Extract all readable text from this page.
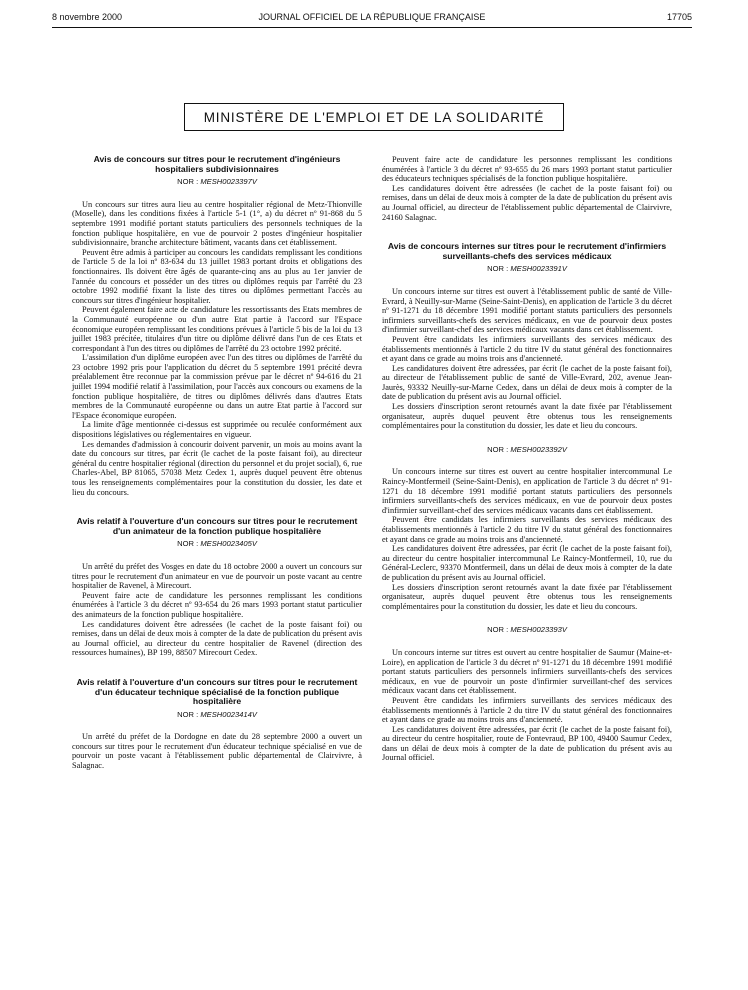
8 novembre 2000	JOURNAL OFFICIEL DE LA RÉPUBLIQUE FRANÇAISE	17705
MINISTÈRE DE L'EMPLOI ET DE LA SOLIDARITÉ
Avis de concours sur titres pour le recrutement d'ingénieurs hospitaliers subdivisionnaires
NOR : MESH0023397V

Un concours sur titres aura lieu au centre hospitalier régional de Metz-Thionville (Moselle), dans les conditions fixées à l'article 5-1 (1°, a) du décret nº 91-868 du 5 septembre 1991 modifié portant statuts particuliers des personnels techniques de la fonction publique hospitalière, en vue de pourvoir 2 postes d'ingénieur hospitalier subdivisionnaire, branche architecture bâtiment, vacants dans cet établissement.

Peuvent être admis à participer au concours les candidats remplissant les conditions de l'article 5 de la loi nº 83-634 du 13 juillet 1983 portant droits et obligations des fonctionnaires. Ils doivent être âgés de quarante-cinq ans au plus au 1er janvier de l'année du concours et posséder un des titres ou diplômes requis par l'arrêté du 23 octobre 1992 modifié fixant la liste des titres ou diplômes permettant l'accès au concours sur titres d'ingénieur hospitalier.

Peuvent également faire acte de candidature les ressortissants des Etats membres de la Communauté européenne ou d'un autre Etat partie à l'accord sur l'Espace économique européen remplissant les conditions prévues à l'article 5 bis de la loi du 13 juillet 1983 précitée, titulaires d'un titre ou diplôme délivré dans l'un de ces Etats et correspondant à l'un des titres ou diplômes de l'arrêté du 23 octobre 1992 précité.

L'assimilation d'un diplôme européen avec l'un des titres ou diplômes de l'arrêté du 23 octobre 1992 pris pour l'application du décret du 5 septembre 1991 précité devra préalablement être reconnue par la commission prévue par le décret nº 94-616 du 21 juillet 1994 modifié relatif à l'assimilation, pour l'accès aux concours ou examens de la fonction publique hospitalière, de titres ou diplômes délivrés dans d'autres Etats membres de la Communauté européenne ou dans un autre Etat partie à l'accord sur l'Espace économique européen.

La limite d'âge mentionnée ci-dessus est supprimée ou reculée conformément aux dispositions législatives ou réglementaires en vigueur.

Les demandes d'admission à concourir doivent parvenir, un mois au moins avant la date du concours sur titres, par écrit (le cachet de la poste faisant foi), au directeur général du centre hospitalier régional (direction du personnel et du projet social), 6, rue Charles-Abel, BP 81065, 57038 Metz Cedex 1, auprès duquel peuvent être obtenus tous les renseignements complémentaires pour la constitution du dossier, les date et lieu du concours.

Avis relatif à l'ouverture d'un concours sur titres pour le recrutement d'un animateur de la fonction publique hospitalière
NOR : MESH0023405V

Un arrêté du préfet des Vosges en date du 18 octobre 2000 a ouvert un concours sur titres pour le recrutement d'un animateur en vue de pourvoir un poste vacant au centre hospitalier de Ravenel, à Mirecourt.

Peuvent faire acte de candidature les personnes remplissant les conditions énumérées à l'article 3 du décret nº 93-654 du 26 mars 1993 portant statut particulier des animateurs de la fonction publique hospitalière.

Les candidatures doivent être adressées (le cachet de la poste faisant foi) ou remises, dans un délai de deux mois à compter de la date de publication du présent avis au Journal officiel, au directeur du centre hospitalier de Ravenel (direction des ressources humaines), BP 199, 88507 Mirecourt Cedex.

Avis relatif à l'ouverture d'un concours sur titres pour le recrutement d'un éducateur technique spécialisé de la fonction publique hospitalière
NOR : MESH0023414V

Un arrêté du préfet de la Dordogne en date du 28 septembre 2000 a ouvert un concours sur titres pour le recrutement d'un éducateur technique spécialisé en vue de pourvoir un poste vacant à l'établissement public départemental de Clairvivre, à Salagnac.

Peuvent faire acte de candidature les personnes remplissant les conditions énumérées à l'article 3 du décret nº 93-655 du 26 mars 1993 portant statut particulier des éducateurs techniques spécialisés de la fonction publique hospitalière.

Les candidatures doivent être adressées (le cachet de la poste faisant foi) ou remises, dans un délai de deux mois à compter de la date de publication du présent avis au Journal officiel, au directeur de l'établissement public départemental de Clairvivre, 24160 Salagnac.

Avis de concours internes sur titres pour le recrutement d'infirmiers surveillants-chefs des services médicaux
NOR : MESH0023391V

Un concours interne sur titres est ouvert à l'établissement public de santé de Ville-Evrard, à Neuilly-sur-Marne (Seine-Saint-Denis), en application de l'article 3 du décret nº 91-1271 du 18 décembre 1991 modifié portant statuts particuliers des personnels infirmiers surveillants-chefs des services médicaux, en vue de pourvoir deux postes d'infirmier surveillant-chef des services médicaux vacants dans cet établissement.

Peuvent être candidats les infirmiers surveillants des services médicaux des établissements mentionnés à l'article 2 du titre IV du statut général des fonctionnaires et ayant dans ce grade au moins trois ans d'ancienneté.

Les candidatures doivent être adressées, par écrit (le cachet de la poste faisant foi), au directeur de l'établissement public de santé de Ville-Evrard, 202, avenue Jean-Jaurès, 93332 Neuilly-sur-Marne Cedex, dans un délai de deux mois à compter de la date de publication du présent avis au Journal officiel.

Les dossiers d'inscription seront retournés avant la date fixée par l'établissement organisateur, auprès duquel peuvent être obtenus tous les renseignements complémentaires pour la constitution du dossier, les date et lieu du concours.

NOR : MESH0023392V

Un concours interne sur titres est ouvert au centre hospitalier intercommunal Le Raincy-Montfermeil (Seine-Saint-Denis), en application de l'article 3 du décret nº 91-1271 du 18 décembre 1991 modifié portant statuts particuliers des personnels infirmiers surveillants-chefs des services médicaux, en vue de pourvoir deux postes d'infirmier surveillant-chef des services médicaux vacants dans cet établissement.

Peuvent être candidats les infirmiers surveillants des services médicaux des établissements mentionnés à l'article 2 du titre IV du statut général des fonctionnaires et ayant dans ce grade au moins trois ans d'ancienneté.

Les candidatures doivent être adressées, par écrit (le cachet de la poste faisant foi), au directeur du centre hospitalier intercommunal Le Raincy-Montfermeil, 10, rue du Général-Leclerc, 93370 Montfermeil, dans un délai de deux mois à compter de la date de publication du présent avis au Journal officiel.

Les dossiers d'inscription seront retournés avant la date fixée par l'établissement organisateur, auprès duquel peuvent être obtenus tous les renseignements complémentaires pour la constitution du dossier, les date et lieu du concours.

NOR : MESH0023393V

Un concours interne sur titres est ouvert au centre hospitalier de Saumur (Maine-et-Loire), en application de l'article 3 du décret nº 91-1271 du 18 décembre 1991 modifié portant statuts particuliers des personnels infirmiers surveillants-chefs des services médicaux, en vue de pourvoir un poste d'infirmier surveillant-chef des services médicaux vacant dans cet établissement.

Peuvent être candidats les infirmiers surveillants des services médicaux des établissements mentionnés à l'article 2 du titre IV du statut général des fonctionnaires et ayant dans ce grade au moins trois ans d'ancienneté.

Les candidatures doivent être adressées, par écrit (le cachet de la poste faisant foi), au directeur du centre hospitalier, route de Fontevraud, BP 100, 49400 Saumur Cedex, dans un délai de deux mois à compter de la date de publication du présent avis au Journal officiel.
